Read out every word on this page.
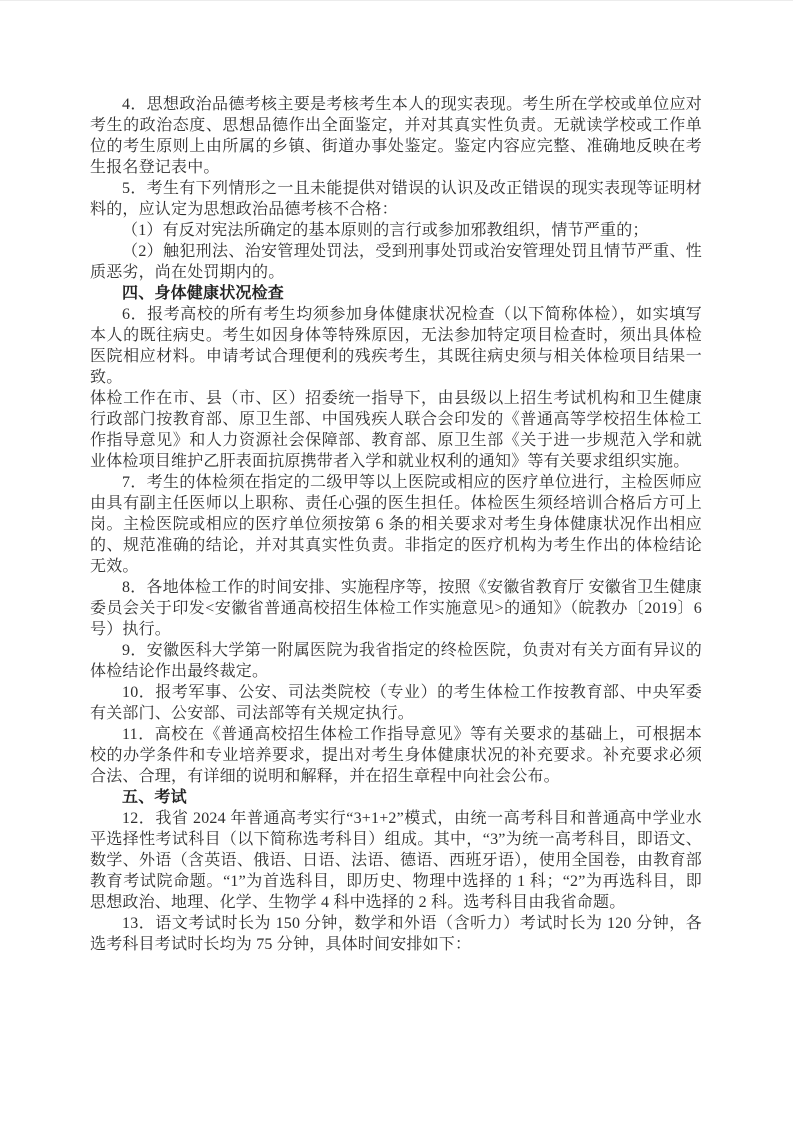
4．思想政治品德考核主要是考核考生本人的现实表现。考生所在学校或单位应对考生的政治态度、思想品德作出全面鉴定，并对其真实性负责。无就读学校或工作单位的考生原则上由所属的乡镇、街道办事处鉴定。鉴定内容应完整、准确地反映在考生报名登记表中。

5．考生有下列情形之一且未能提供对错误的认识及改正错误的现实表现等证明材料的，应认定为思想政治品德考核不合格：

（1）有反对宪法所确定的基本原则的言行或参加邪教组织，情节严重的；

（2）触犯刑法、治安管理处罚法，受到刑事处罚或治安管理处罚且情节严重、性质恶劣，尚在处罚期内的。

四、身体健康状况检查

6．报考高校的所有考生均须参加身体健康状况检查（以下简称体检），如实填写本人的既往病史。考生如因身体等特殊原因，无法参加特定项目检查时，须出具体检医院相应材料。申请考试合理便利的残疾考生，其既往病史须与相关体检项目结果一致。

体检工作在市、县（市、区）招委统一指导下，由县级以上招生考试机构和卫生健康行政部门按教育部、原卫生部、中国残疾人联合会印发的《普通高等学校招生体检工作指导意见》和人力资源社会保障部、教育部、原卫生部《关于进一步规范入学和就业体检项目维护乙肝表面抗原携带者入学和就业权利的通知》等有关要求组织实施。

7．考生的体检须在指定的二级甲等以上医院或相应的医疗单位进行，主检医师应由具有副主任医师以上职称、责任心强的医生担任。体检医生须经培训合格后方可上岗。主检医院或相应的医疗单位须按第 6 条的相关要求对考生身体健康状况作出相应的、规范准确的结论，并对其真实性负责。非指定的医疗机构为考生作出的体检结论无效。

8．各地体检工作的时间安排、实施程序等，按照《安徽省教育厅 安徽省卫生健康委员会关于印发<安徽省普通高校招生体检工作实施意见>的通知》（皖教办〔2019〕6 号）执行。

9．安徽医科大学第一附属医院为我省指定的终检医院，负责对有关方面有异议的体检结论作出最终裁定。

10．报考军事、公安、司法类院校（专业）的考生体检工作按教育部、中央军委有关部门、公安部、司法部等有关规定执行。

11．高校在《普通高校招生体检工作指导意见》等有关要求的基础上，可根据本校的办学条件和专业培养要求，提出对考生身体健康状况的补充要求。补充要求必须合法、合理，有详细的说明和解释，并在招生章程中向社会公布。

五、考试

12．我省 2024 年普通高考实行“3+1+2”模式，由统一高考科目和普通高中学业水平选择性考试科目（以下简称选考科目）组成。其中，“3”为统一高考科目，即语文、数学、外语（含英语、俄语、日语、法语、德语、西班牙语），使用全国卷，由教育部教育考试院命题。“1”为首选科目，即历史、物理中选择的 1 科；“2”为再选科目，即思想政治、地理、化学、生物学 4 科中选择的 2 科。选考科目由我省命题。

13．语文考试时长为 150 分钟，数学和外语（含听力）考试时长为 120 分钟，各选考科目考试时长均为 75 分钟，具体时间安排如下：
